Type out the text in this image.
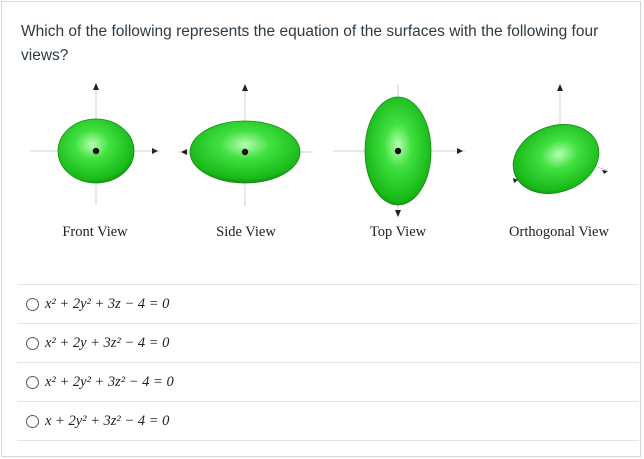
Which of the following represents the equation of the surfaces with the following four views?
Front View	Side View	Top View	Orthogonal View
x² + 2y² + 3z − 4 = 0
x² + 2y + 3z² − 4 = 0
x² + 2y² + 3z² − 4 = 0
x + 2y² + 3z² − 4 = 0
